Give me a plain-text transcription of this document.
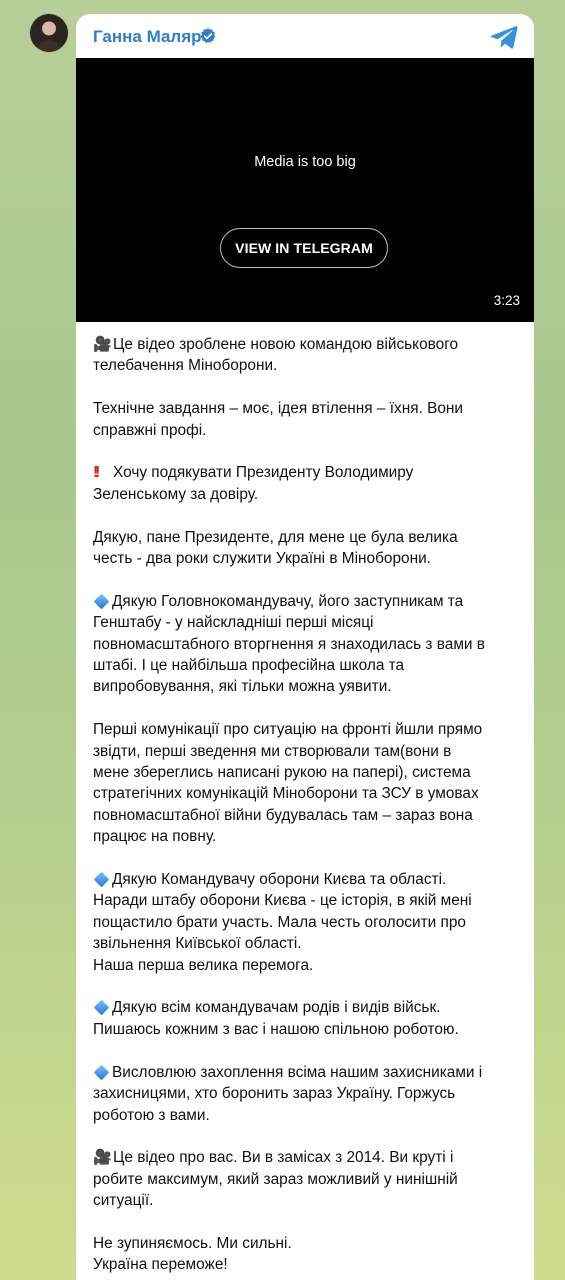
Ганна Маляр
Media is too big
VIEW IN TELEGRAM
3:23
🎥Це відео зроблене новою командою військового
телебачення Міноборони.
Технічне завдання – моє, ідея втілення – їхня. Вони
справжні профі.
!! Хочу подякувати Президенту Володимиру
Зеленському за довіру.
Дякую, пане Президенте, для мене це була велика
честь - два роки служити Україні в Міноборони.
Дякую Головнокомандувачу, його заступникам та
Генштабу - у найскладніші перші місяці
повномасштабного вторгнення я знаходилась з вами в
штабі. І це найбільша професійна школа та
випробовування, які тільки можна уявити.
Перші комунікації про ситуацію на фронті йшли прямо
звідти, перші зведення ми створювали там(вони в
мене збереглись написані рукою на папері), система
стратегічних комунікацій Міноборони та ЗСУ в умовах
повномасштабної війни будувалась там – зараз вона
працює на повну.
Дякую Командувачу оборони Києва та області.
Наради штабу оборони Києва - це історія, в якій мені
пощастило брати участь. Мала честь оголосити про
звільнення Київської області.
Наша перша велика перемога.
Дякую всім командувачам родів і видів військ.
Пишаюсь кожним з вас і нашою спільною роботою.
Висловлюю захоплення всіма нашим захисниками і
захисницями, хто боронить зараз Україну. Горжусь
роботою з вами.
🎥Це відео про вас. Ви в замісах з 2014. Ви круті і
робите максимум, який зараз можливий у нинішній
ситуації.
Не зупиняємось. Ми сильні.
Україна переможе!
